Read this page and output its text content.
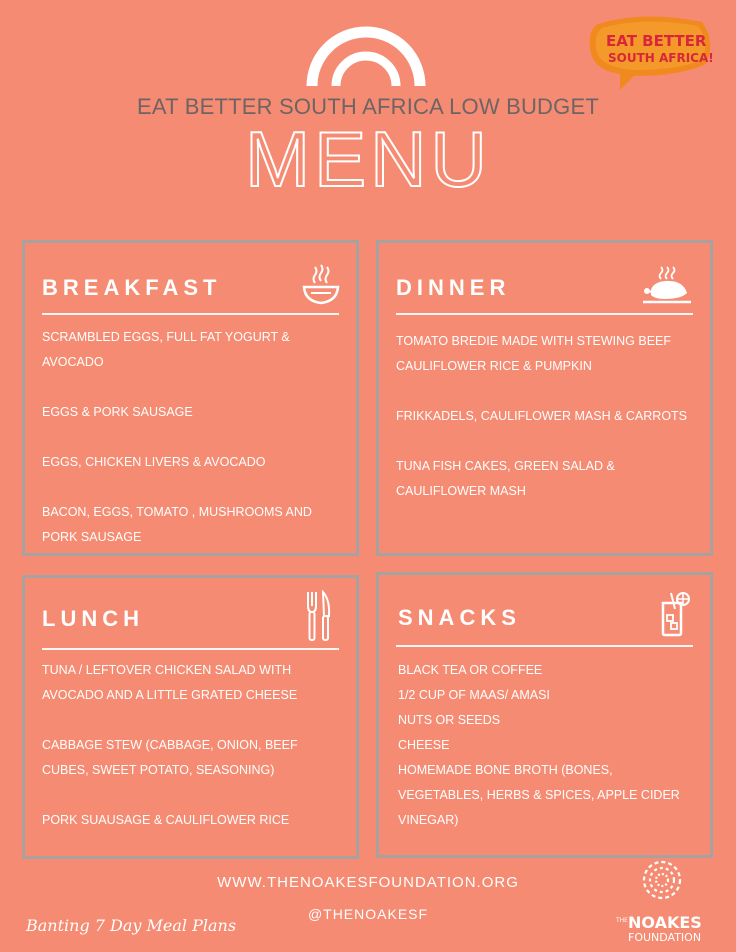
EAT BETTER
SOUTH AFRICA!
EAT BETTER SOUTH AFRICA LOW BUDGET
MENU
BREAKFAST
SCRAMBLED EGGS, FULL FAT YOGURT & AVOCADO
EGGS & PORK SAUSAGE
EGGS, CHICKEN LIVERS & AVOCADO
BACON, EGGS, TOMATO , MUSHROOMS AND PORK SAUSAGE
DINNER
TOMATO BREDIE MADE WITH STEWING BEEF CAULIFLOWER RICE & PUMPKIN
FRIKKADELS, CAULIFLOWER MASH & CARROTS
TUNA FISH CAKES, GREEN SALAD & CAULIFLOWER MASH
LUNCH
TUNA / LEFTOVER CHICKEN SALAD WITH AVOCADO AND A LITTLE GRATED CHEESE
CABBAGE STEW (CABBAGE, ONION, BEEF CUBES, SWEET POTATO, SEASONING)
PORK SUAUSAGE & CAULIFLOWER RICE
SNACKS
BLACK TEA OR COFFEE
1/2 CUP OF MAAS/ AMASI
NUTS OR SEEDS
CHEESE
HOMEMADE BONE BROTH (BONES, VEGETABLES, HERBS & SPICES, APPLE CIDER VINEGAR)
WWW.THENOAKESFOUNDATION.ORG
@THENOAKESF
Banting 7 Day Meal Plans	THE NOAKES
FOUNDATION
